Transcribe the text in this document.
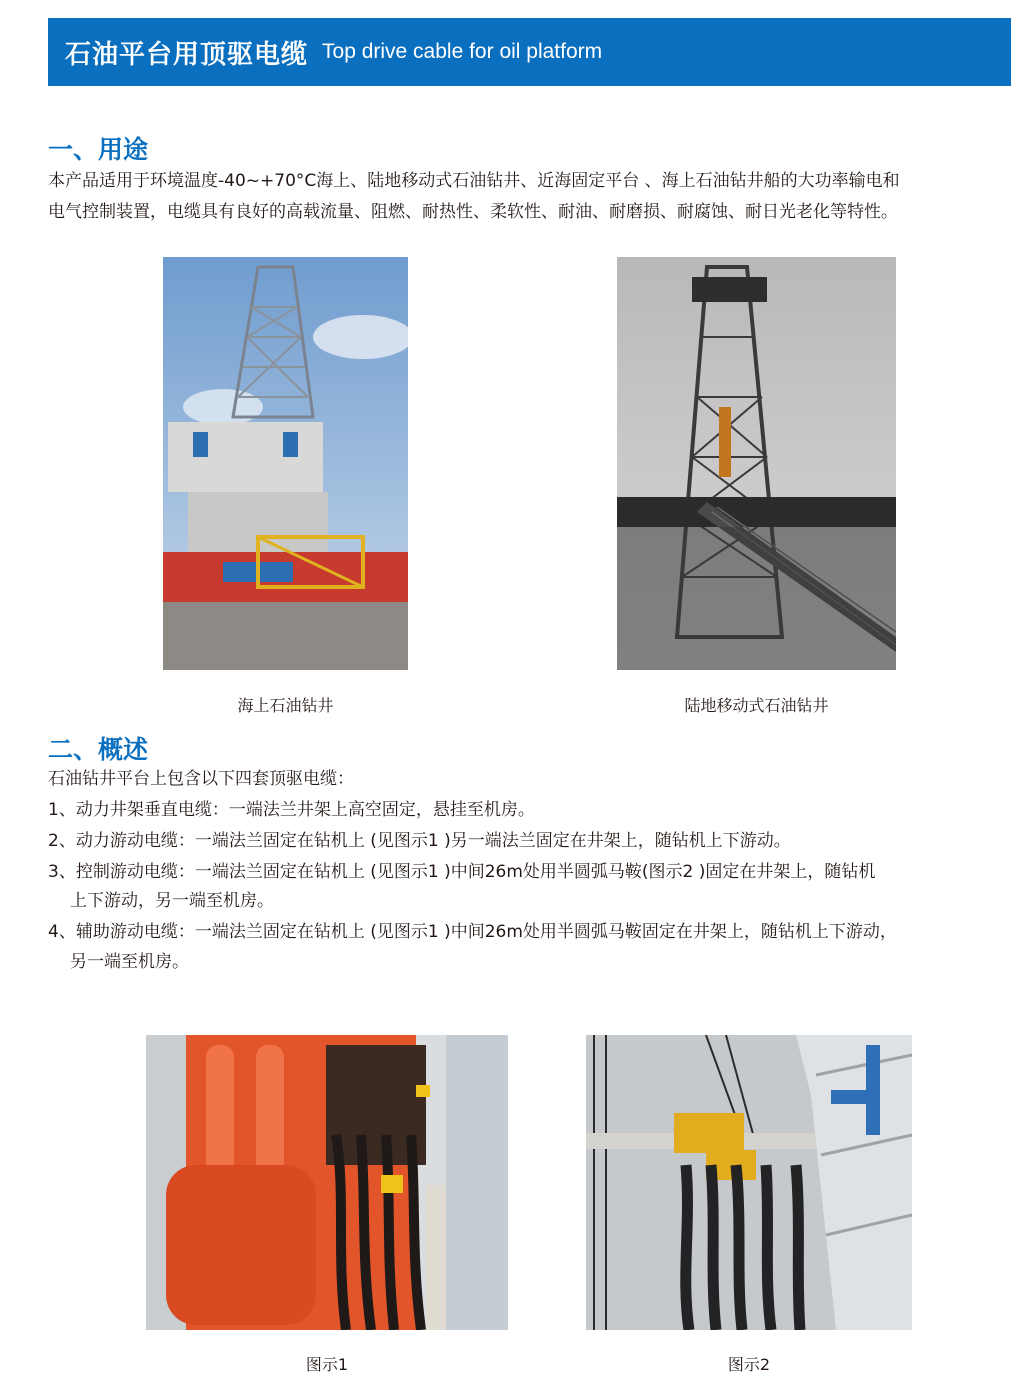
石油平台用顶驱电缆 Top drive cable for oil platform
一、用途

本产品适用于环境温度-40~+70°C海上、陆地移动式石油钻井、近海固定平台 、海上石油钻井船的大功率输电和

电气控制装置，电缆具有良好的高载流量、阻燃、耐热性、柔软性、耐油、耐磨损、耐腐蚀、耐日光老化等特性。

海上石油钻井	陆地移动式石油钻井

二、概述

石油钻井平台上包含以下四套顶驱电缆：

1、动力井架垂直电缆：一端法兰井架上高空固定，悬挂至机房。

2、动力游动电缆：一端法兰固定在钻机上 (见图示1 )另一端法兰固定在井架上，随钻机上下游动。

3、控制游动电缆：一端法兰固定在钻机上 (见图示1 )中间26m处用半圆弧马鞍(图示2 )固定在井架上，随钻机

上下游动，另一端至机房。

4、辅助游动电缆：一端法兰固定在钻机上 (见图示1 )中间26m处用半圆弧马鞍固定在井架上，随钻机上下游动，

另一端至机房。

图示1	图示2
